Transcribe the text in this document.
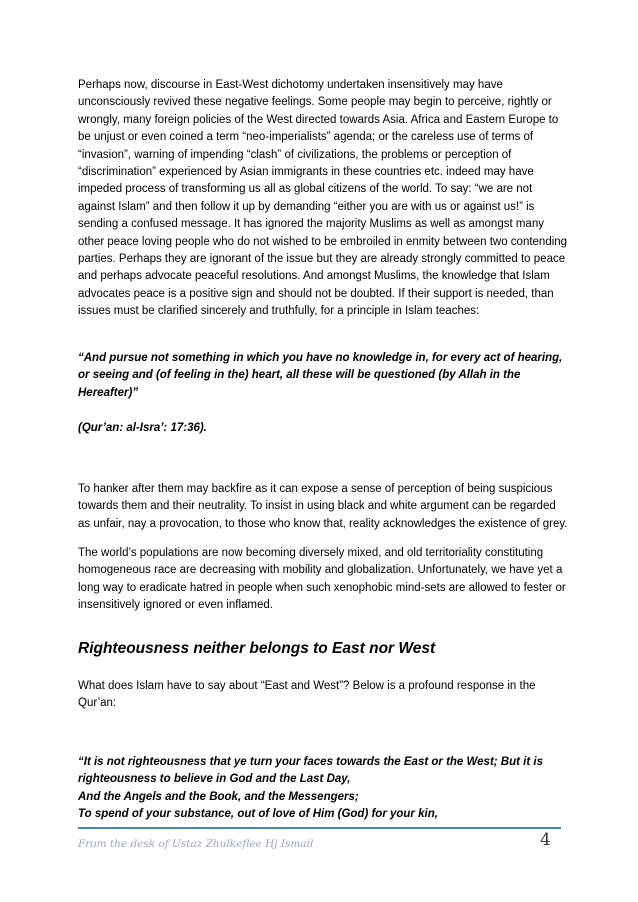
Perhaps now, discourse in East-West dichotomy undertaken insensitively may have
unconsciously revived these negative feelings. Some people may begin to perceive, rightly or
wrongly, many foreign policies of the West directed towards Asia. Africa and Eastern Europe to
be unjust or even coined a term “neo-imperialists” agenda; or the careless use of terms of
“invasion”, warning of impending “clash” of civilizations, the problems or perception of
“discrimination” experienced by Asian immigrants in these countries etc. indeed may have
impeded process of transforming us all as global citizens of the world. To say: “we are not
against Islam” and then follow it up by demanding “either you are with us or against us!” is
sending a confused message. It has ignored the majority Muslims as well as amongst many
other peace loving people who do not wished to be embroiled in enmity between two contending
parties. Perhaps they are ignorant of the issue but they are already strongly committed to peace
and perhaps advocate peaceful resolutions. And amongst Muslims, the knowledge that Islam
advocates peace is a positive sign and should not be doubted. If their support is needed, than
issues must be clarified sincerely and truthfully, for a principle in Islam teaches:

“And pursue not something in which you have no knowledge in, for every act of hearing,
or seeing and (of feeling in the) heart, all these will be questioned (by Allah in the
Hereafter)”

(Qur’an: al-Isra’: 17:36).

To hanker after them may backfire as it can expose a sense of perception of being suspicious
towards them and their neutrality. To insist in using black and white argument can be regarded
as unfair, nay a provocation, to those who know that, reality acknowledges the existence of grey.

The world’s populations are now becoming diversely mixed, and old territoriality constituting
homogeneous race are decreasing with mobility and globalization. Unfortunately, we have yet a
long way to eradicate hatred in people when such xenophobic mind-sets are allowed to fester or
insensitively ignored or even inflamed.

Righteousness neither belongs to East nor West

What does Islam have to say about “East and West”? Below is a profound response in the
Qur’an:

“It is not righteousness that ye turn your faces towards the East or the West; But it is
righteousness to believe in God and the Last Day,
And the Angels and the Book, and the Messengers;
To spend of your substance, out of love of Him (God) for your kin,

From the desk of Ustaz Zhulkeflee Hj Ismail	4
